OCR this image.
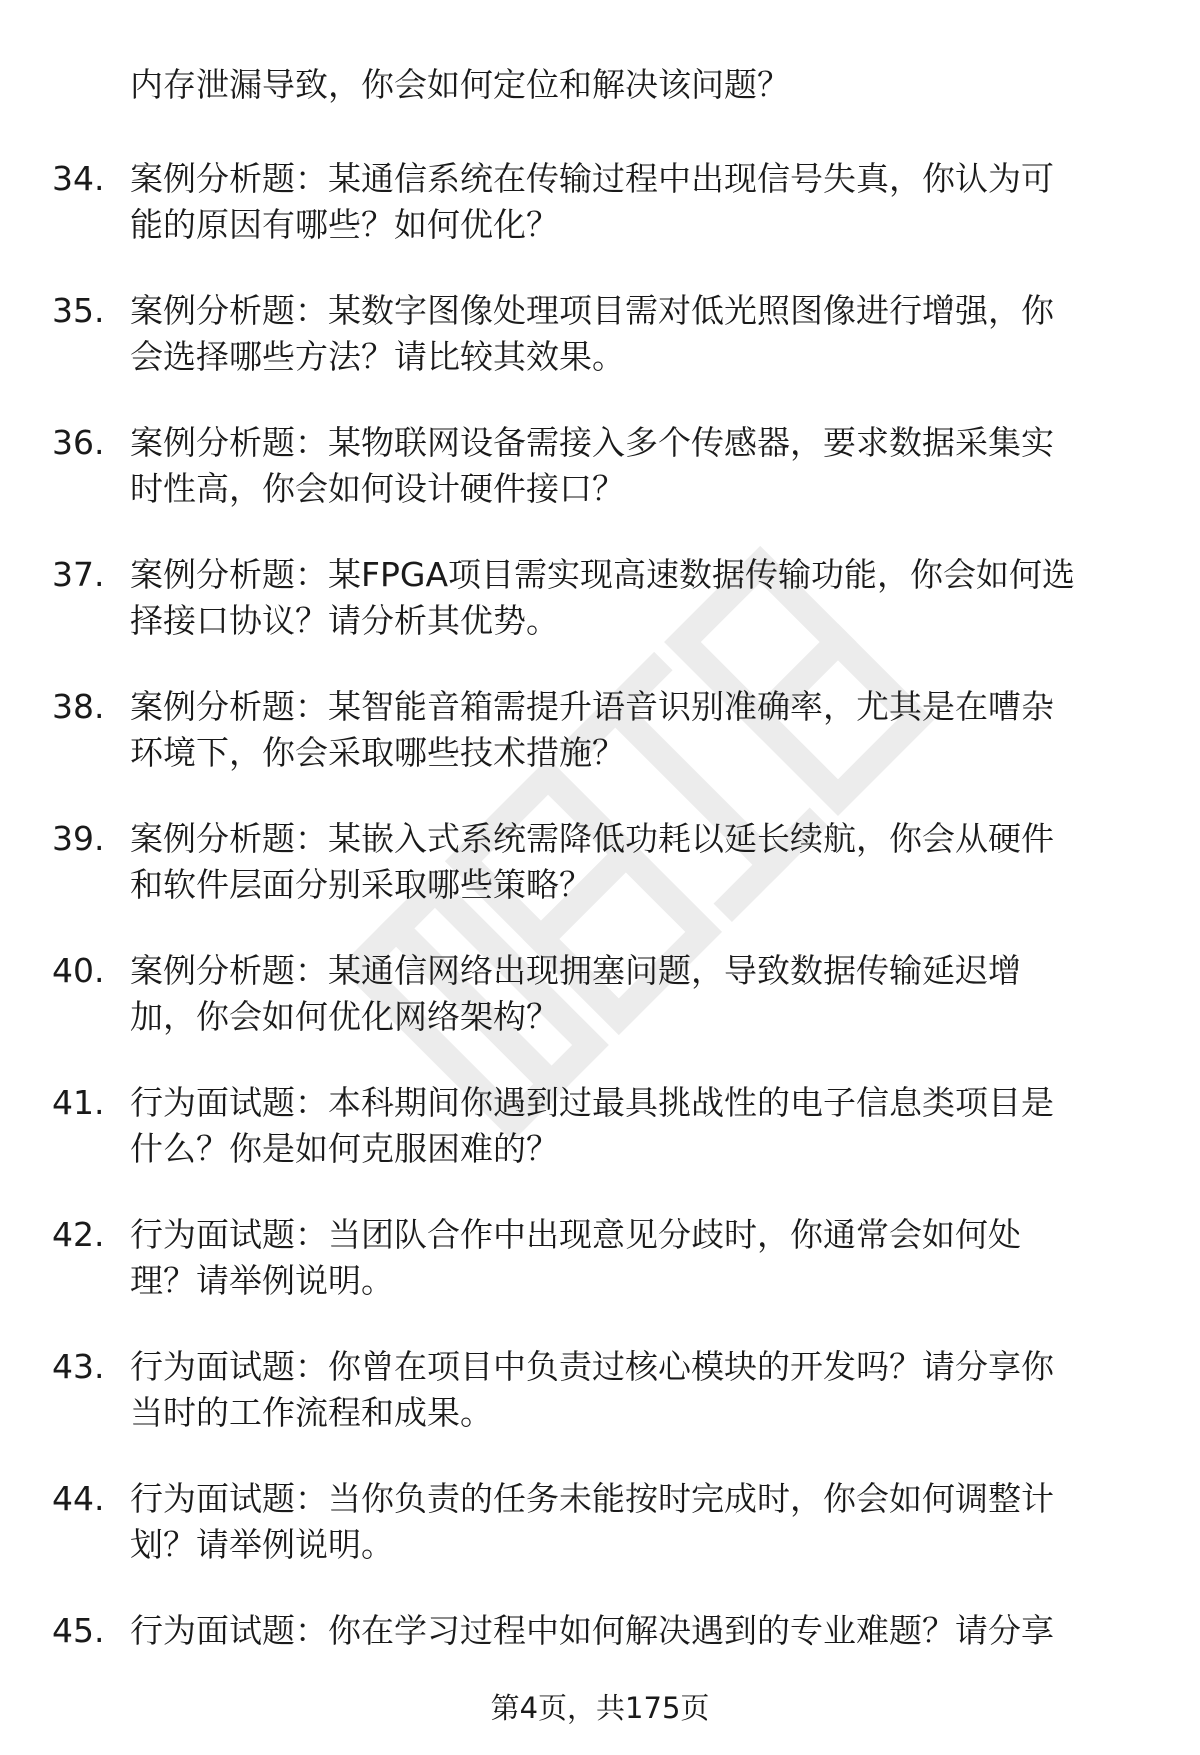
内存泄漏导致，你会如何定位和解决该问题？
34. 案例分析题：某通信系统在传输过程中出现信号失真，你认为可
能的原因有哪些？如何优化？
35. 案例分析题：某数字图像处理项目需对低光照图像进行增强，你
会选择哪些方法？请比较其效果。
36. 案例分析题：某物联网设备需接入多个传感器，要求数据采集实
时性高，你会如何设计硬件接口？
37. 案例分析题：某FPGA项目需实现高速数据传输功能，你会如何选
择接口协议？请分析其优势。
38. 案例分析题：某智能音箱需提升语音识别准确率，尤其是在嘈杂
环境下，你会采取哪些技术措施？
39. 案例分析题：某嵌入式系统需降低功耗以延长续航，你会从硬件
和软件层面分别采取哪些策略？
40. 案例分析题：某通信网络出现拥塞问题，导致数据传输延迟增
加，你会如何优化网络架构？
41. 行为面试题：本科期间你遇到过最具挑战性的电子信息类项目是
什么？你是如何克服困难的？
42. 行为面试题：当团队合作中出现意见分歧时，你通常会如何处
理？请举例说明。
43. 行为面试题：你曾在项目中负责过核心模块的开发吗？请分享你
当时的工作流程和成果。
44. 行为面试题：当你负责的任务未能按时完成时，你会如何调整计
划？请举例说明。
45. 行为面试题：你在学习过程中如何解决遇到的专业难题？请分享
第4页，共175页
